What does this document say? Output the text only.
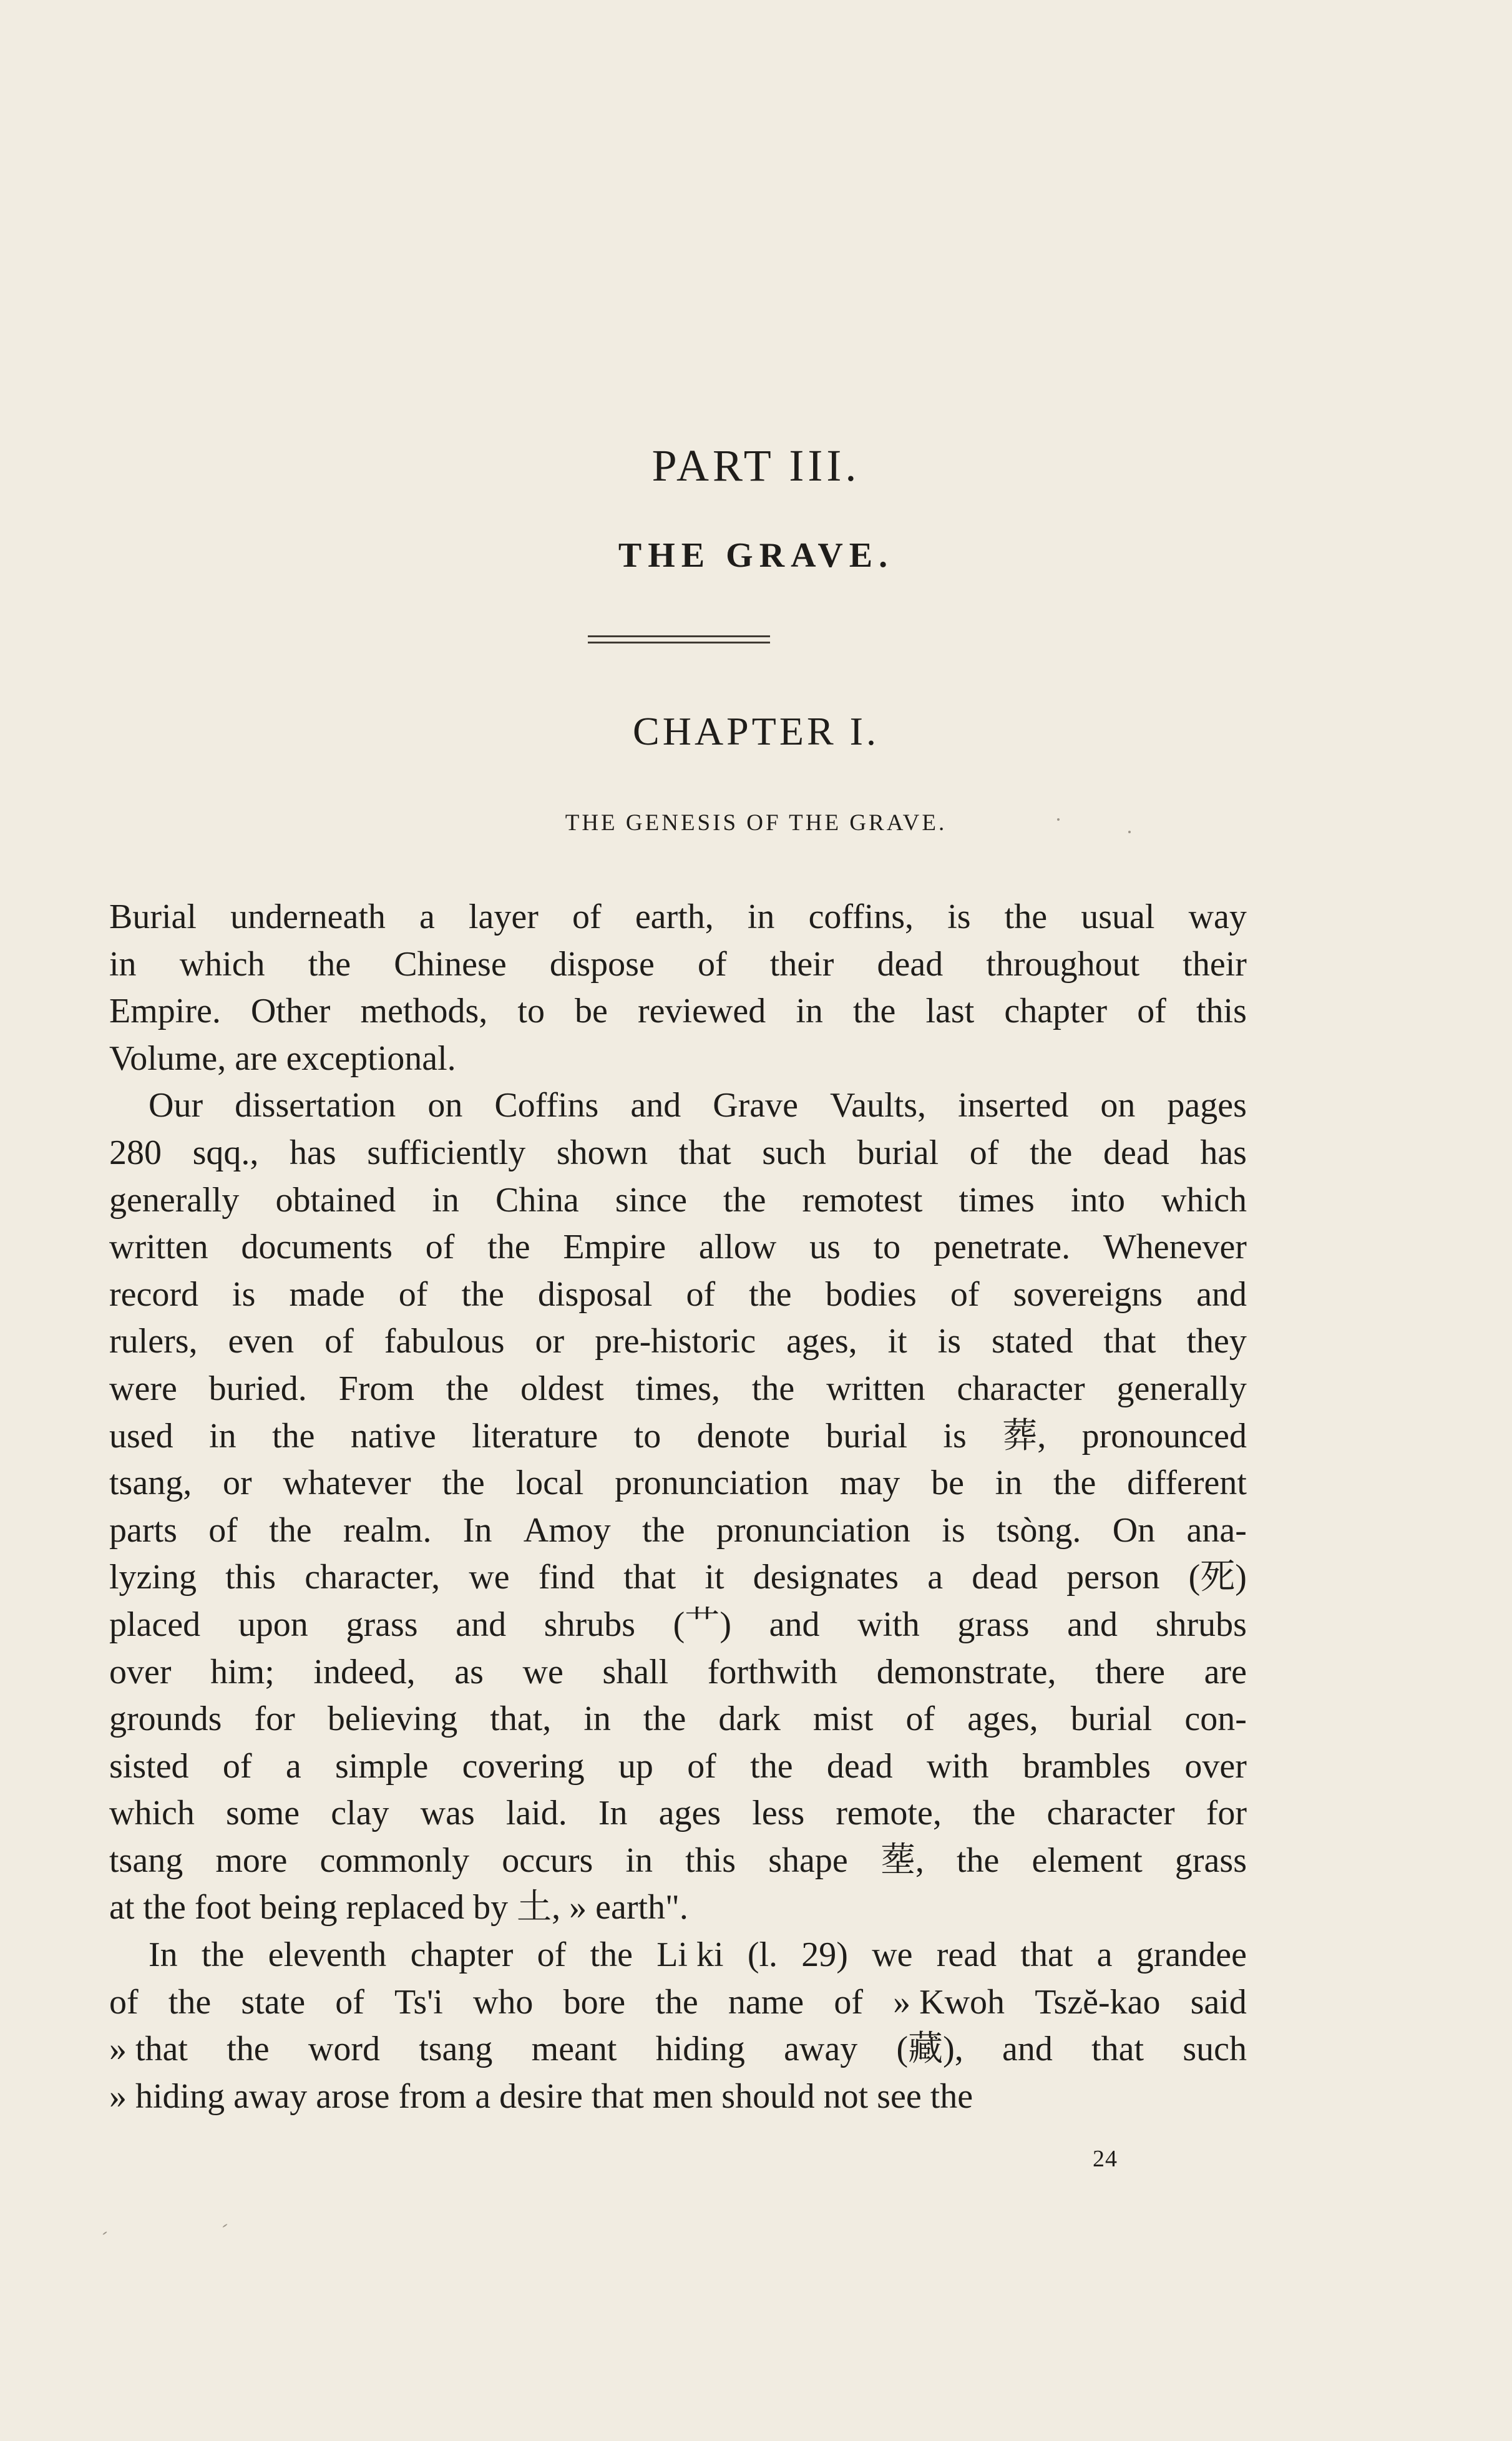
PART III.
THE GRAVE.
CHAPTER I.
THE GENESIS OF THE GRAVE.
Burial underneath a layer of earth, in coffins, is the usual way
in which the Chinese dispose of their dead throughout their
Empire. Other methods, to be reviewed in the last chapter of this
Volume, are exceptional.
Our dissertation on Coffins and Grave Vaults, inserted on pages
280 sqq., has sufficiently shown that such burial of the dead has
generally obtained in China since the remotest times into which
written documents of the Empire allow us to penetrate. Whenever
record is made of the disposal of the bodies of sovereigns and
rulers, even of fabulous or pre-historic ages, it is stated that they
were buried. From the oldest times, the written character generally
used in the native literature to denote burial is 葬, pronounced
tsang, or whatever the local pronunciation may be in the different
parts of the realm. In Amoy the pronunciation is tsòng. On ana-
lyzing this character, we find that it designates a dead person (死)
placed upon grass and shrubs (艹) and with grass and shrubs
over him; indeed, as we shall forthwith demonstrate, there are
grounds for believing that, in the dark mist of ages, burial con-
sisted of a simple covering up of the dead with brambles over
which some clay was laid. In ages less remote, the character for
tsang more commonly occurs in this shape 塟, the element grass
at the foot being replaced by 土, » earth".
In the eleventh chapter of the Li ki (l. 29) we read that a grandee
of the state of Ts'i who bore the name of » Kwoh Tszĕ-kao said
» that the word tsang meant hiding away (藏), and that such
» hiding away arose from a desire that men should not see the
24
